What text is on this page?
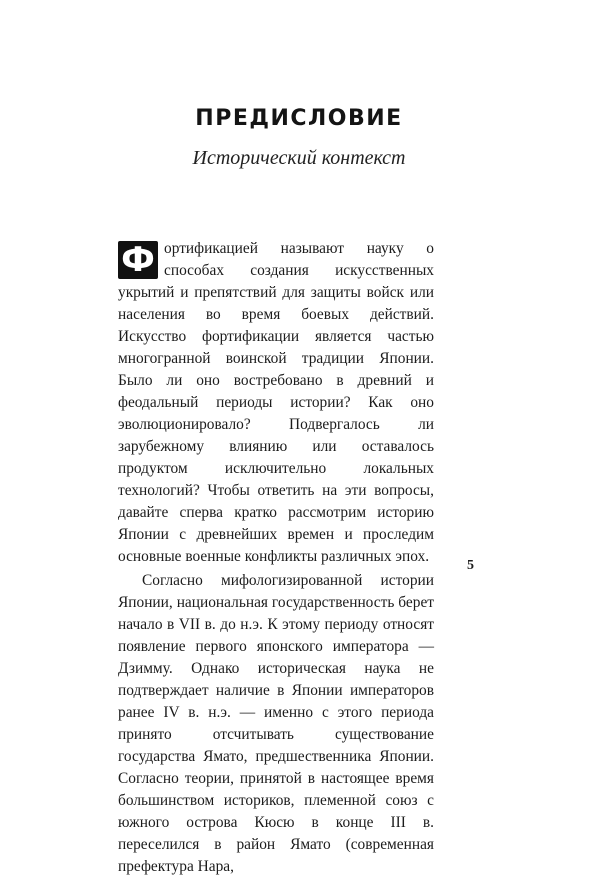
ПРЕДИСЛОВИЕ
Исторический контекст

Ф ортификацией называют науку о способах создания искусственных укрытий и препятствий для защиты войск или населения во время боевых действий. Искусство фортификации является частью многогранной воинской традиции Японии. Было ли оно востребовано в древний и феодальный периоды истории? Как оно эволюционировало? Подвергалось ли зарубежному влиянию или оставалось продуктом исключительно локальных технологий? Чтобы ответить на эти вопросы, давайте сперва кратко рассмотрим историю Японии с древнейших времен и проследим основные военные конфликты различных эпох.

Согласно мифологизированной истории Японии, национальная государственность берет начало в VII в. до н.э. К этому периоду относят появление первого японского императора — Дзимму. Однако историческая наука не подтверждает наличие в Японии императоров ранее IV в. н.э. — именно с этого периода принято отсчитывать существование государства Ямато, предшественника Японии. Согласно теории, принятой в настоящее время большинством историков, племенной союз с южного острова Кюсю в конце III в. переселился в район Ямато (современная префектура Нара,

5
